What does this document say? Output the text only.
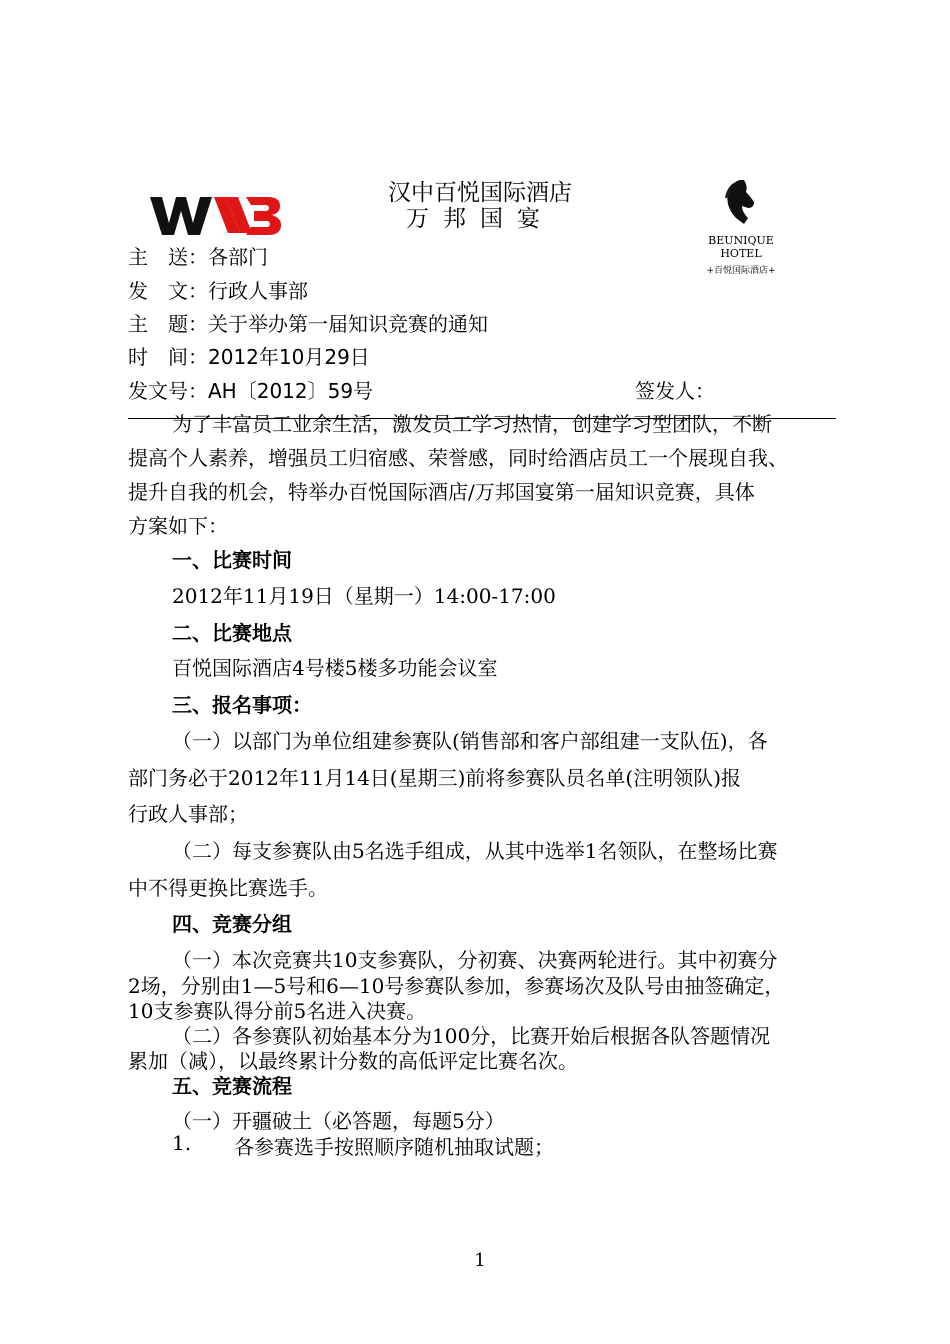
汉中百悦国际酒店
万邦国宴
BEUNIQUE HOTEL
+百悦国际酒店+
主　送：各部门
发　文：行政人事部
主　题：关于举办第一届知识竞赛的通知
时　间：2012年10月29日
发文号：AH〔2012〕59号	签发人：
为了丰富员工业余生活，激发员工学习热情，创建学习型团队，不断
提高个人素养，增强员工归宿感、荣誉感，同时给酒店员工一个展现自我、
提升自我的机会，特举办百悦国际酒店/万邦国宴第一届知识竞赛，具体
方案如下：
一、比赛时间
2012年11月19日（星期一）14:00-17:00
二、比赛地点
百悦国际酒店4号楼5楼多功能会议室
三、报名事项：
（一）以部门为单位组建参赛队(销售部和客户部组建一支队伍)，各
部门务必于2012年11月14日(星期三)前将参赛队员名单(注明领队)报
行政人事部；
（二）每支参赛队由5名选手组成，从其中选举1名领队，在整场比赛
中不得更换比赛选手。
四、竞赛分组
（一）本次竞赛共10支参赛队，分初赛、决赛两轮进行。其中初赛分
2场，分别由1—5号和6—10号参赛队参加，参赛场次及队号由抽签确定，
10支参赛队得分前5名进入决赛。
（二）各参赛队初始基本分为100分，比赛开始后根据各队答题情况
累加（减），以最终累计分数的高低评定比赛名次。
五、竞赛流程
（一）开疆破土（必答题，每题5分）
1. 各参赛选手按照顺序随机抽取试题；
1
